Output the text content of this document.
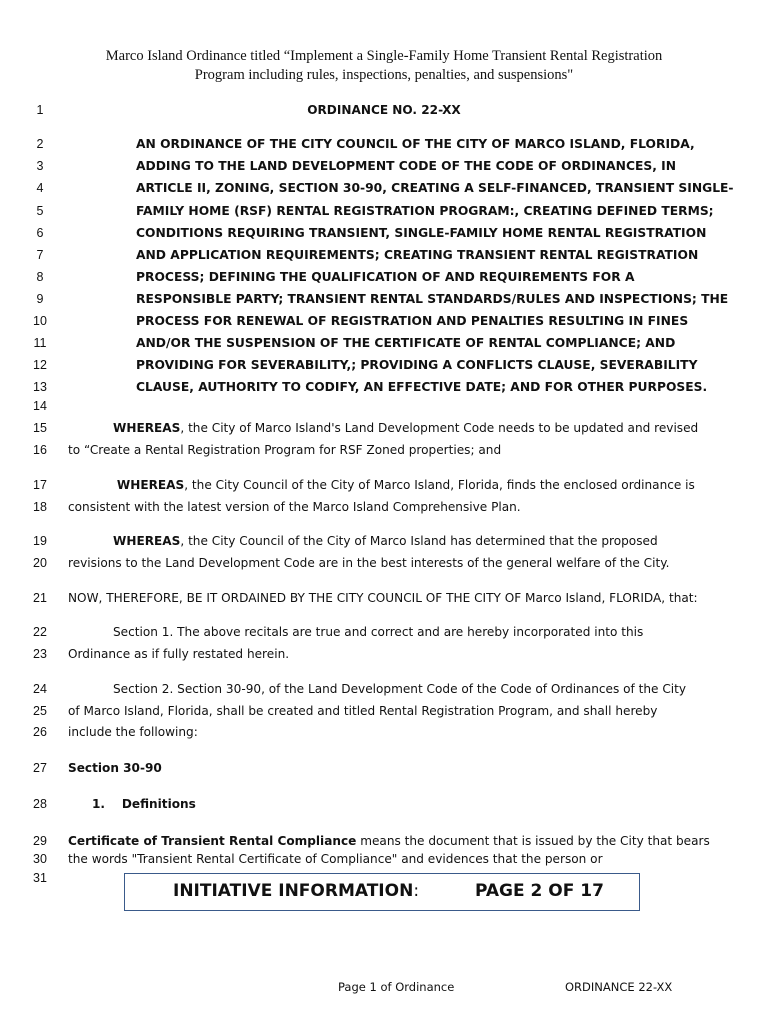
Marco Island Ordinance titled “Implement a Single-Family Home Transient Rental Registration
Program including rules, inspections, penalties, and suspensions"
1
2
3
4
5
6
7
8
9
10
11
12
13
14
15
16
17
18
19
20
21
22
23
24
25
26
27
28
29
30
31
ORDINANCE NO. 22-XX
AN ORDINANCE OF THE CITY COUNCIL OF THE CITY OF MARCO ISLAND, FLORIDA,
ADDING TO THE LAND DEVELOPMENT CODE OF THE CODE OF ORDINANCES, IN
ARTICLE II, ZONING, SECTION 30-90, CREATING A SELF-FINANCED, TRANSIENT SINGLE-
FAMILY HOME (RSF) RENTAL REGISTRATION PROGRAM:, CREATING DEFINED TERMS;
CONDITIONS REQUIRING TRANSIENT, SINGLE-FAMILY HOME RENTAL REGISTRATION
AND APPLICATION REQUIREMENTS; CREATING TRANSIENT RENTAL REGISTRATION
PROCESS; DEFINING THE QUALIFICATION OF AND REQUIREMENTS FOR A
RESPONSIBLE PARTY; TRANSIENT RENTAL STANDARDS/RULES AND INSPECTIONS; THE
PROCESS FOR RENEWAL OF REGISTRATION AND PENALTIES RESULTING IN FINES
AND/OR THE SUSPENSION OF THE CERTIFICATE OF RENTAL COMPLIANCE; AND
PROVIDING FOR SEVERABILITY,; PROVIDING A CONFLICTS CLAUSE, SEVERABILITY
CLAUSE, AUTHORITY TO CODIFY, AN EFFECTIVE DATE; AND FOR OTHER PURPOSES.
WHEREAS, the City of Marco Island's Land Development Code needs to be updated and revised
to “Create a Rental Registration Program for RSF Zoned properties; and
WHEREAS, the City Council of the City of Marco Island, Florida, finds the enclosed ordinance is
consistent with the latest version of the Marco Island Comprehensive Plan.
WHEREAS, the City Council of the City of Marco Island has determined that the proposed
revisions to the Land Development Code are in the best interests of the general welfare of the City.
NOW, THEREFORE, BE IT ORDAINED BY THE CITY COUNCIL OF THE CITY OF Marco Island, FLORIDA, that:
Section 1. The above recitals are true and correct and are hereby incorporated into this
Ordinance as if fully restated herein.
Section 2. Section 30-90, of the Land Development Code of the Code of Ordinances of the City
of Marco Island, Florida, shall be created and titled Rental Registration Program, and shall hereby
include the following:
Section 30-90
1.    Definitions
Certificate of Transient Rental Compliance means the document that is issued by the City that bears
the words "Transient Rental Certificate of Compliance" and evidences that the person or
INITIATIVE INFORMATION:	PAGE 2 OF 17
Page 1 of Ordinance	ORDINANCE 22-XX
